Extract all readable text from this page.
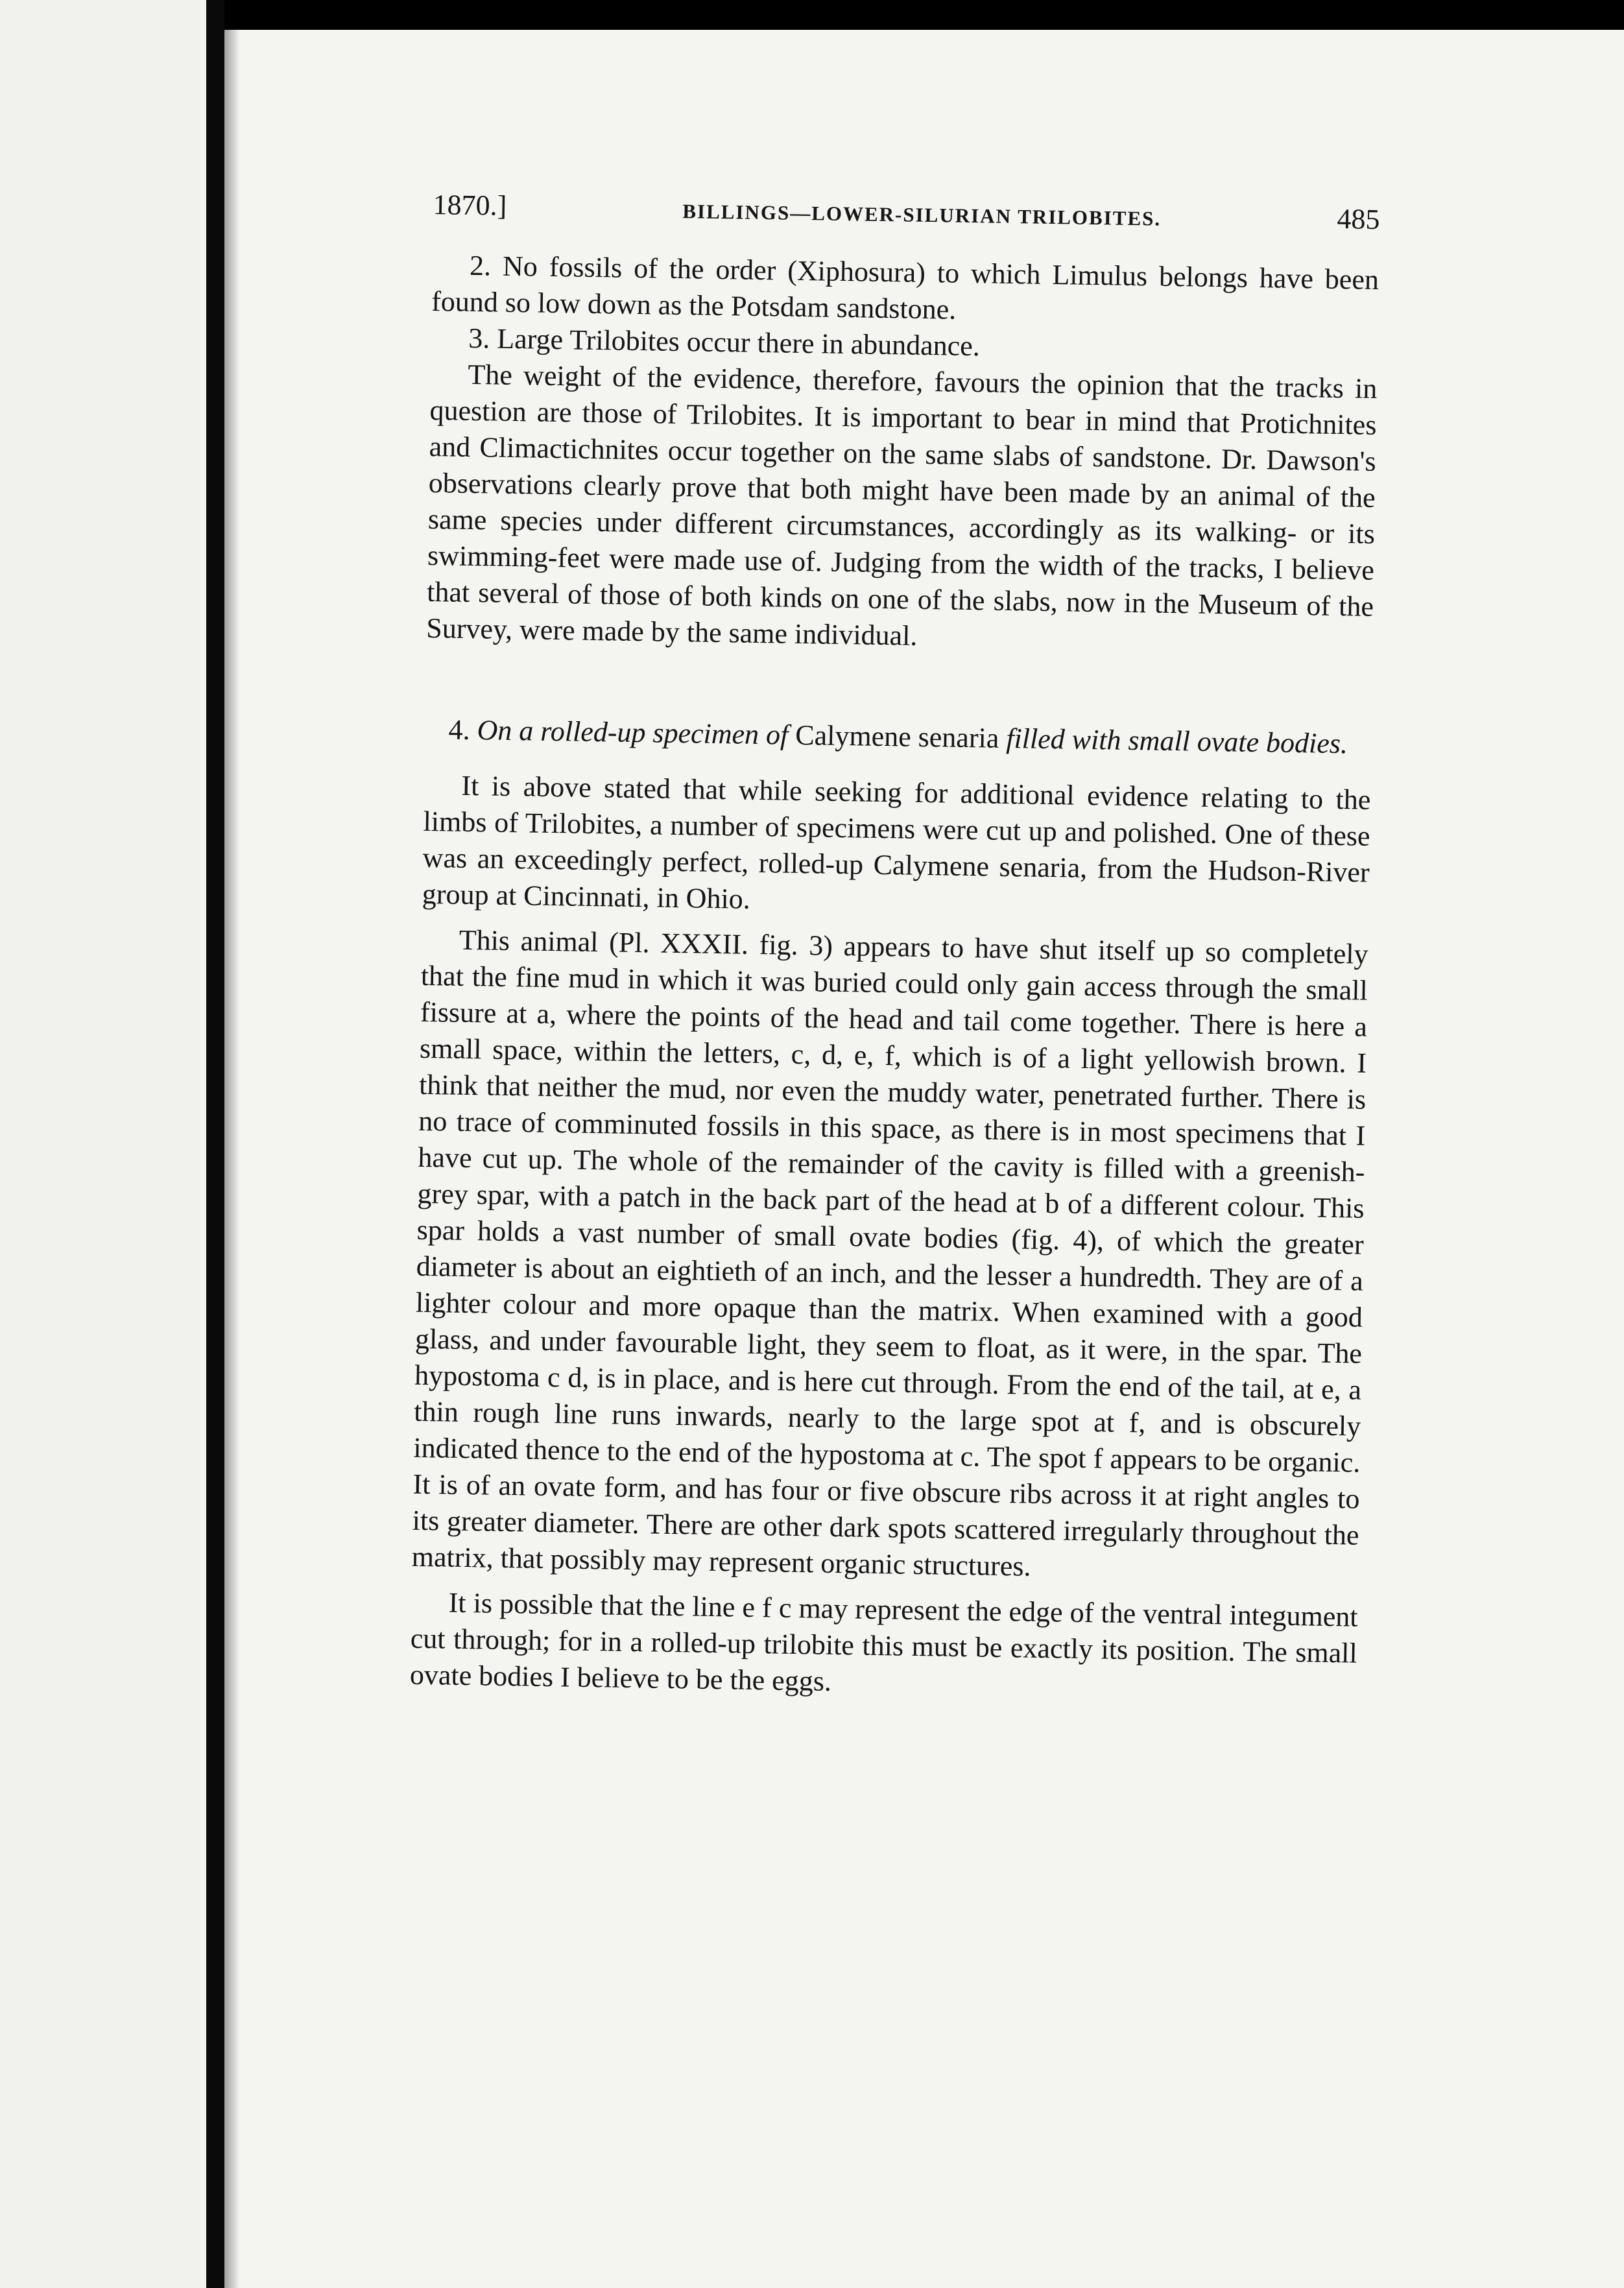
1870.]	BILLINGS—LOWER-SILURIAN TRILOBITES.	485

2. No fossils of the order (Xiphosura) to which Limulus belongs have been found so low down as the Potsdam sandstone.

3. Large Trilobites occur there in abundance.

The weight of the evidence, therefore, favours the opinion that the tracks in question are those of Trilobites. It is important to bear in mind that Protichnites and Climactichnites occur together on the same slabs of sandstone. Dr. Dawson's observations clearly prove that both might have been made by an animal of the same species under different circumstances, accordingly as its walking- or its swimming-feet were made use of. Judging from the width of the tracks, I believe that several of those of both kinds on one of the slabs, now in the Museum of the Survey, were made by the same individual.

4. On a rolled-up specimen of Calymene senaria filled with small ovate bodies.

It is above stated that while seeking for additional evidence relating to the limbs of Trilobites, a number of specimens were cut up and polished. One of these was an exceedingly perfect, rolled-up Calymene senaria, from the Hudson-River group at Cincinnati, in Ohio.

This animal (Pl. XXXII. fig. 3) appears to have shut itself up so completely that the fine mud in which it was buried could only gain access through the small fissure at a, where the points of the head and tail come together. There is here a small space, within the letters, c, d, e, f, which is of a light yellowish brown. I think that neither the mud, nor even the muddy water, penetrated further. There is no trace of comminuted fossils in this space, as there is in most specimens that I have cut up. The whole of the remainder of the cavity is filled with a greenish-grey spar, with a patch in the back part of the head at b of a different colour. This spar holds a vast number of small ovate bodies (fig. 4), of which the greater diameter is about an eightieth of an inch, and the lesser a hundredth. They are of a lighter colour and more opaque than the matrix. When examined with a good glass, and under favourable light, they seem to float, as it were, in the spar. The hypostoma c d, is in place, and is here cut through. From the end of the tail, at e, a thin rough line runs inwards, nearly to the large spot at f, and is obscurely indicated thence to the end of the hypostoma at c. The spot f appears to be organic. It is of an ovate form, and has four or five obscure ribs across it at right angles to its greater diameter. There are other dark spots scattered irregularly throughout the matrix, that possibly may represent organic structures.

It is possible that the line e f c may represent the edge of the ventral integument cut through; for in a rolled-up trilobite this must be exactly its position. The small ovate bodies I believe to be the eggs.
